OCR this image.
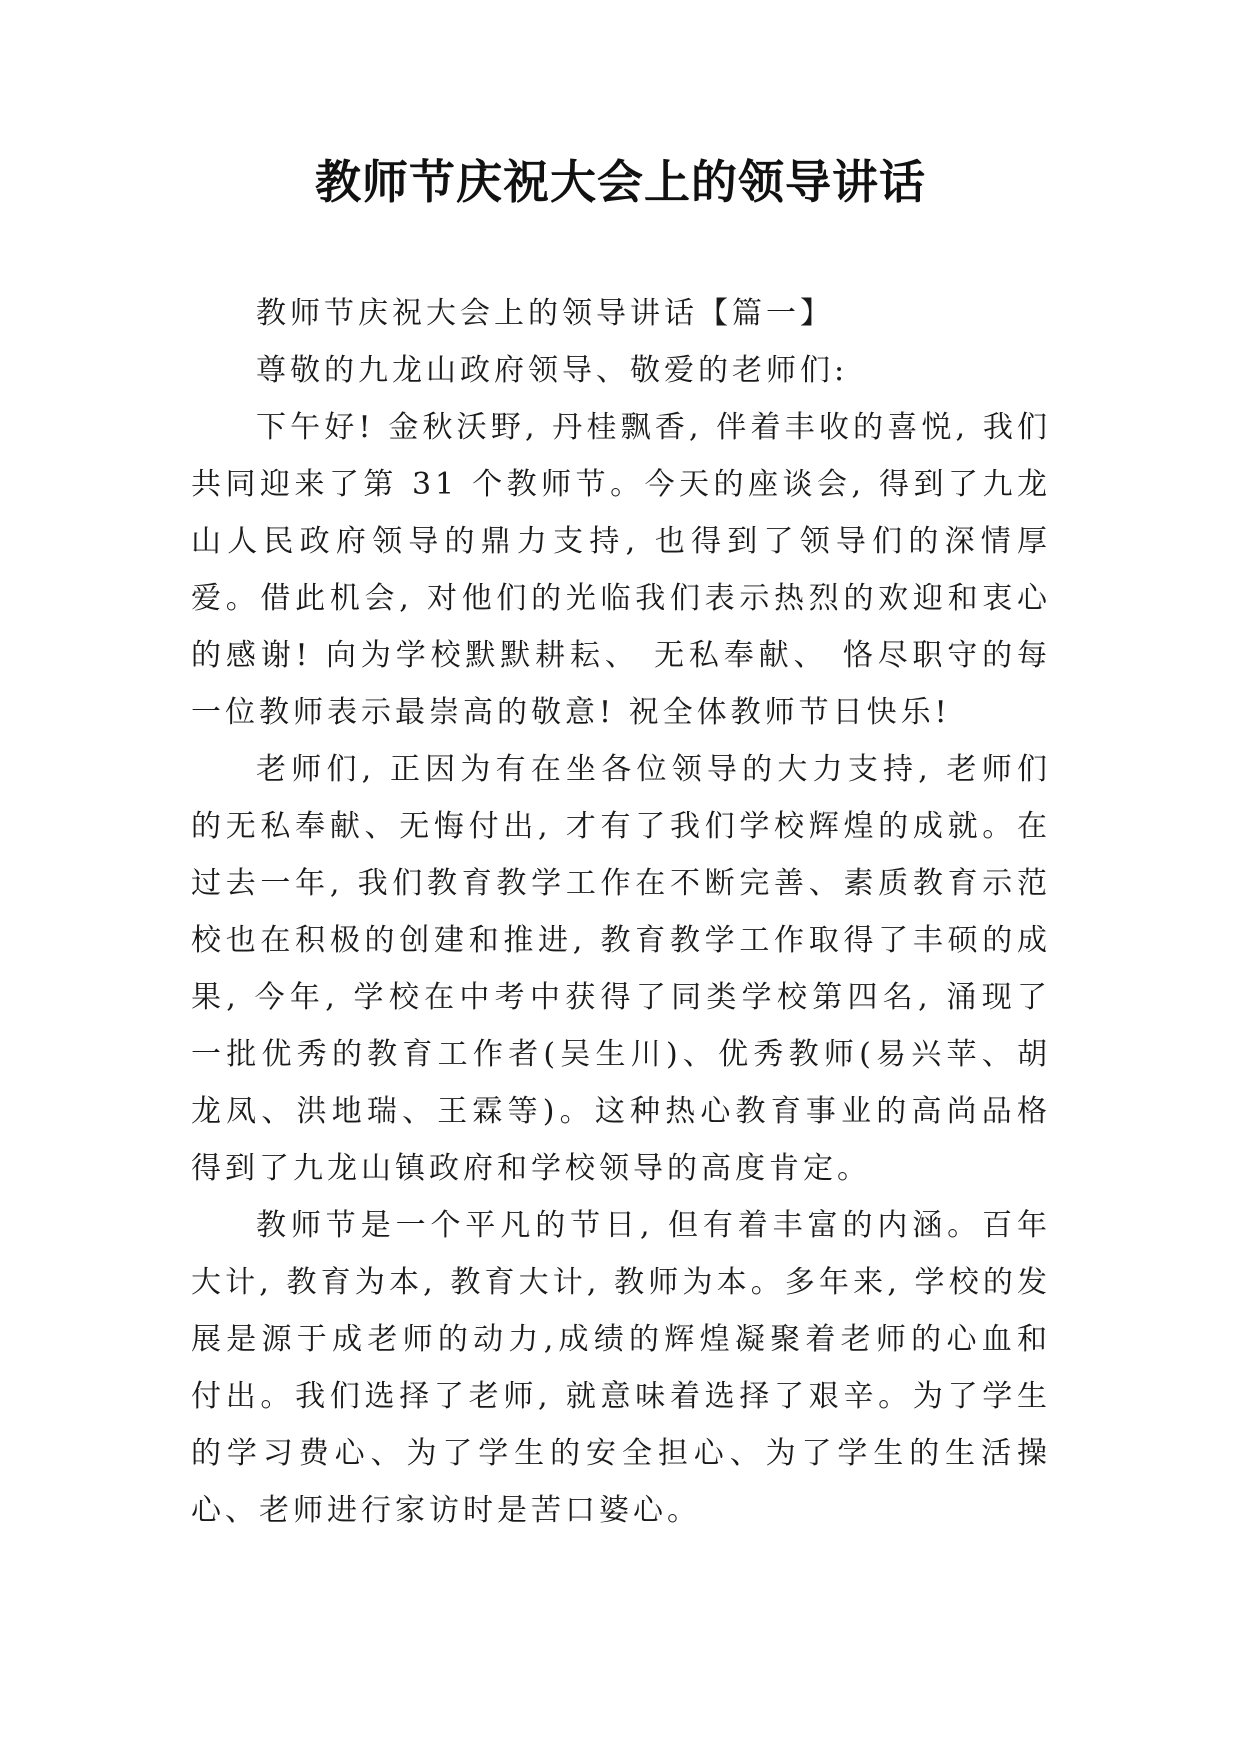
教师节庆祝大会上的领导讲话

教师节庆祝大会上的领导讲话【篇一】

尊敬的九龙山政府领导、敬爱的老师们:

下午好! 金秋沃野, 丹桂飘香, 伴着丰收的喜悦, 我们共同迎来了第 31 个教师节。今天的座谈会, 得到了九龙山人民政府领导的鼎力支持, 也得到了领导们的深情厚爱。借此机会, 对他们的光临我们表示热烈的欢迎和衷心的感谢! 向为学校默默耕耘、 无私奉献、 恪尽职守的每一位教师表示最崇高的敬意! 祝全体教师节日快乐!

老师们, 正因为有在坐各位领导的大力支持, 老师们的无私奉献、无悔付出, 才有了我们学校辉煌的成就。在过去一年, 我们教育教学工作在不断完善、素质教育示范校也在积极的创建和推进, 教育教学工作取得了丰硕的成果, 今年, 学校在中考中获得了同类学校第四名, 涌现了一批优秀的教育工作者(吴生川)、优秀教师(易兴苹、胡龙凤、洪地瑞、王霖等)。这种热心教育事业的高尚品格得到了九龙山镇政府和学校领导的高度肯定。

教师节是一个平凡的节日, 但有着丰富的内涵。百年大计, 教育为本, 教育大计, 教师为本。多年来, 学校的发展是源于成老师的动力,成绩的辉煌凝聚着老师的心血和付出。我们选择了老师, 就意味着选择了艰辛。为了学生的学习费心、为了学生的安全担心、为了学生的生活操心、老师进行家访时是苦口婆心。
